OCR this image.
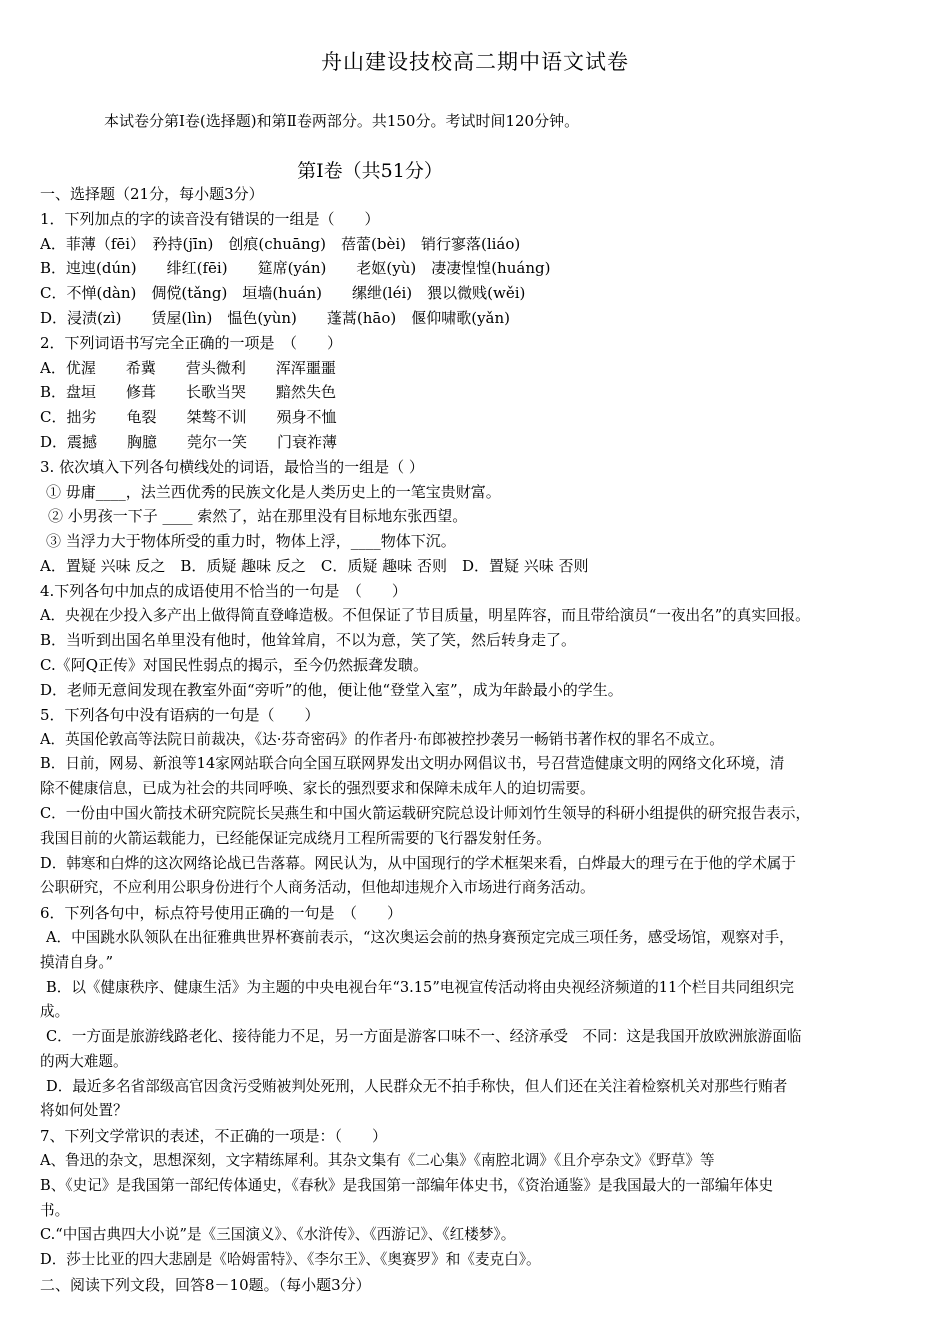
舟山建设技校高二期中语文试卷
本试卷分第Ⅰ卷(选择题)和第Ⅱ卷两部分。共150分。考试时间120分钟。
第I卷（共51分）
一、选择题（21分，每小题3分）
1．下列加点的字的读音没有错误的一组是（　　）
A．菲薄（fēi）　矜持(jīn)　创痕(chuāng)　蓓蕾(bèi)　销行寥落(liáo)
B．迍迍(dún)　　绯红(fēi)　　筵席(yán)　　老妪(yù)　凄凄惶惶(huáng)
C．不惮(dàn)　倜傥(tǎng)　垣墙(huán)　　缧绁(léi)　猥以微贱(wěi)
D．浸渍(zì)　　赁屋(lìn)　愠色(yùn)　　蓬蒿(hāo)　偃仰啸歌(yǎn)
2．下列词语书写完全正确的一项是　（　　）
A．优渥　　希冀　　营头微利　　浑浑噩噩
B．盘垣　　修葺　　长歌当哭　　黯然失色
C．拙劣　　龟裂　　桀骜不训　　殒身不恤
D．震撼　　胸臆　　莞尔一笑　　门衰祚薄
3. 依次填入下列各句横线处的词语，最恰当的一组是（ ）
① 毋庸____，法兰西优秀的民族文化是人类历史上的一笔宝贵财富。
② 小男孩一下子 ____ 索然了，站在那里没有目标地东张西望。
③ 当浮力大于物体所受的重力时，物体上浮，____物体下沉。
A．置疑 兴味 反之　B．质疑 趣味 反之　C．质疑 趣味 否则　D．置疑 兴味 否则
4.下列各句中加点的成语使用不恰当的一句是　（　　）
A．央视在少投入多产出上做得简直登峰造极。不但保证了节目质量，明星阵容，而且带给演员“一夜出名”的真实回报。
B．当听到出国名单里没有他时，他耸耸肩，不以为意，笑了笑，然后转身走了。
C.《阿Q正传》对国民性弱点的揭示，至今仍然振聋发聩。
D．老师无意间发现在教室外面“旁听”的他，便让他“登堂入室”，成为年龄最小的学生。
5．下列各句中没有语病的一句是（　　）
A．英国伦敦高等法院日前裁决，《达·芬奇密码》的作者丹·布郎被控抄袭另一畅销书著作权的罪名不成立。
B．日前，网易、新浪等14家网站联合向全国互联网界发出文明办网倡议书，号召营造健康文明的网络文化环境，清
除不健康信息，已成为社会的共同呼唤、家长的强烈要求和保障未成年人的迫切需要。
C．一份由中国火箭技术研究院院长吴燕生和中国火箭运载研究院总设计师刘竹生领导的科研小组提供的研究报告表示，
我国目前的火箭运载能力，已经能保证完成绕月工程所需要的飞行器发射任务。
D．韩寒和白烨的这次网络论战已告落幕。网民认为，从中国现行的学术框架来看，白烨最大的理亏在于他的学术属于
公职研究，不应利用公职身份进行个人商务活动，但他却违规介入市场进行商务活动。
6．下列各句中，标点符号使用正确的一句是　（　　）
A．中国跳水队领队在出征雅典世界杯赛前表示，“这次奥运会前的热身赛预定完成三项任务，感受场馆，观察对手，
摸清自身。”
B．以《健康秩序、健康生活》为主题的中央电视台年“3.15”电视宣传活动将由央视经济频道的11个栏目共同组织完
成。
C．一方面是旅游线路老化、接待能力不足，另一方面是游客口味不一、经济承受　不同：这是我国开放欧洲旅游面临
的两大难题。
D．最近多名省部级高官因贪污受贿被判处死刑，人民群众无不拍手称快，但人们还在关注着检察机关对那些行贿者
将如何处置？
7、下列文学常识的表述，不正确的一项是：（　　）
A、鲁迅的杂文，思想深刻，文字精练犀利。其杂文集有《二心集》《南腔北调》《且介亭杂文》《野草》等
B、《史记》是我国第一部纪传体通史，《春秋》是我国第一部编年体史书，《资治通鉴》是我国最大的一部编年体史
书。
C.“中国古典四大小说”是《三国演义》、《水浒传》、《西游记》、《红楼梦》。
D．莎士比亚的四大悲剧是《哈姆雷特》、《李尔王》、《奥赛罗》和《麦克白》。
二、阅读下列文段，回答8－10题。（每小题3分）
